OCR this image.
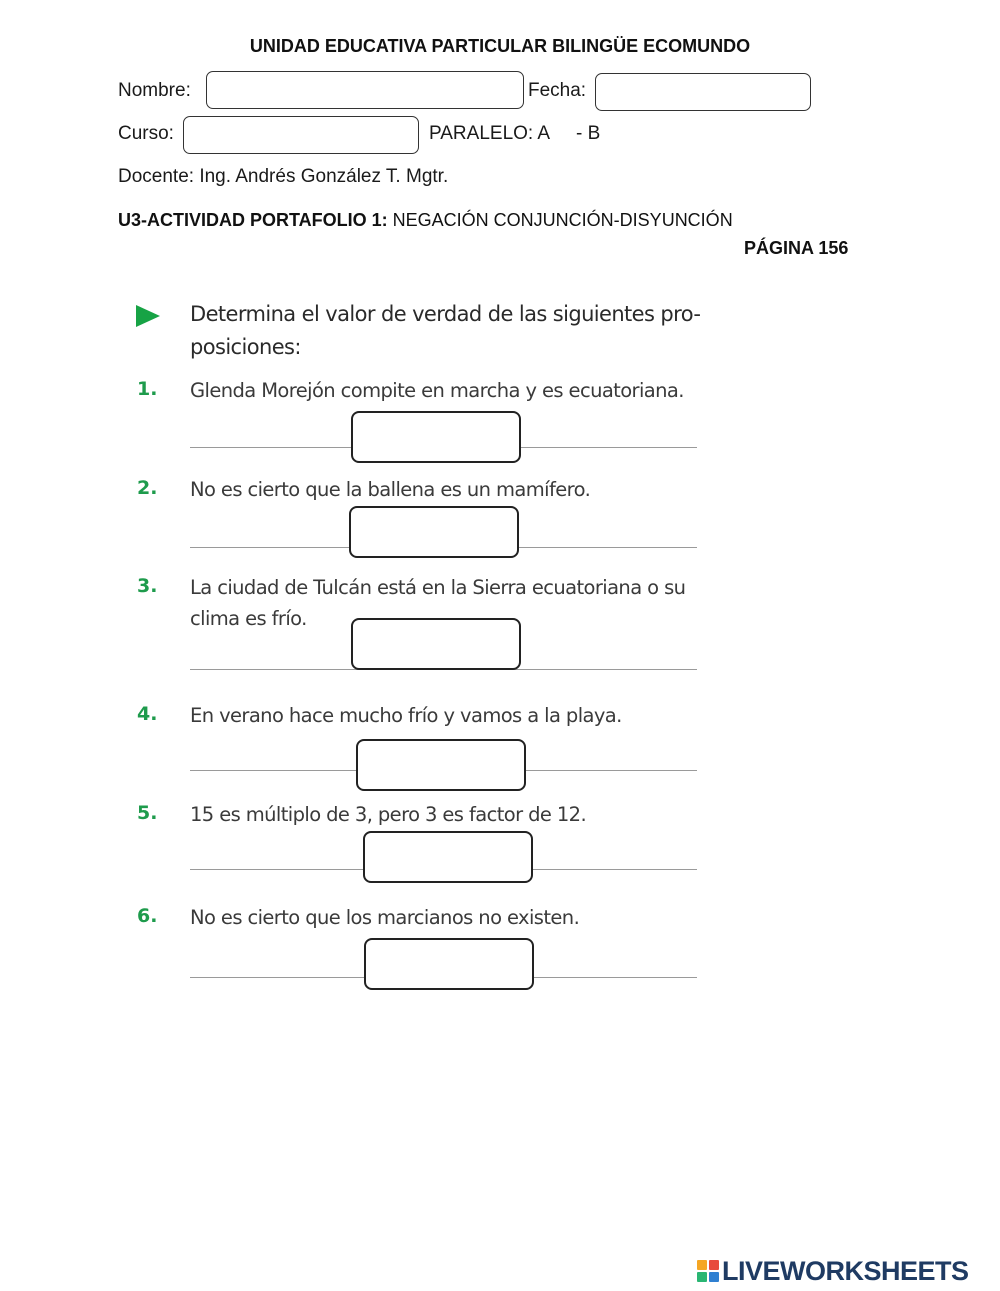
UNIDAD EDUCATIVA PARTICULAR BILINGÜE ECOMUNDO
Nombre:	Fecha:
Curso:	PARALELO: A - B
Docente: Ing. Andrés González T. Mgtr.
U3-ACTIVIDAD PORTAFOLIO 1: NEGACIÓN CONJUNCIÓN-DISYUNCIÓN
PÁGINA 156
Determina el valor de verdad de las siguientes pro- posiciones:
1. Glenda Morejón compite en marcha y es ecuatoriana.
2. No es cierto que la ballena es un mamífero.
3. La ciudad de Tulcán está en la Sierra ecuatoriana o su clima es frío.
4. En verano hace mucho frío y vamos a la playa.
5. 15 es múltiplo de 3, pero 3 es factor de 12.
6. No es cierto que los marcianos no existen.
LIVEWORKSHEETS
